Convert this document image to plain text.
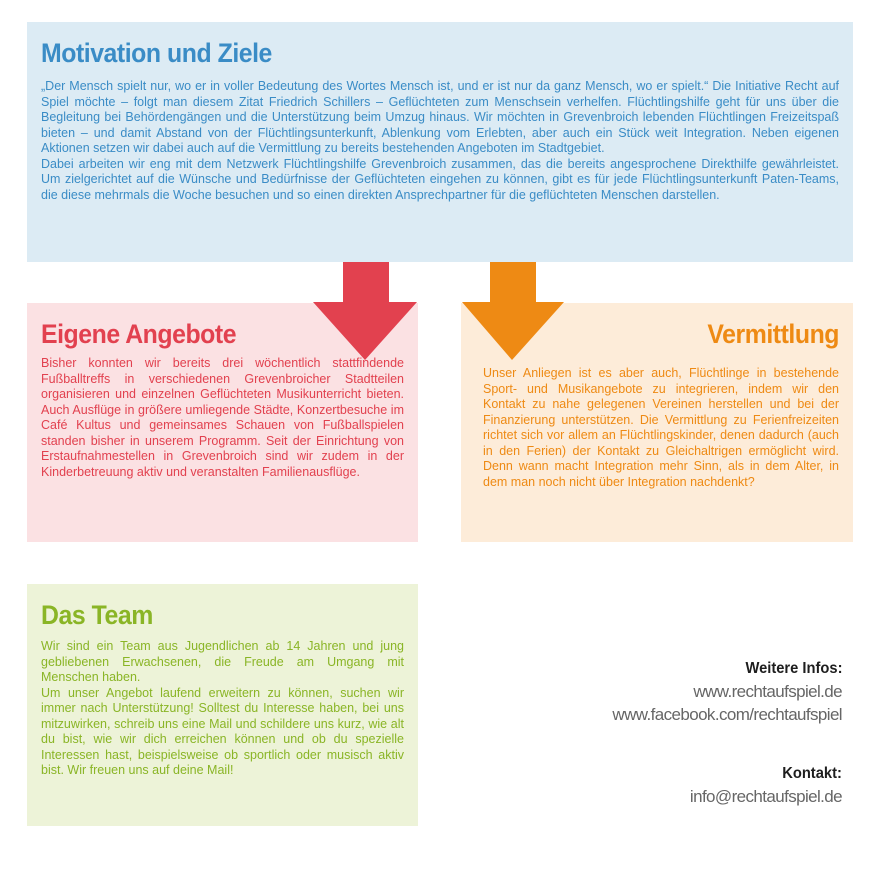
Motivation und Ziele

„Der Mensch spielt nur, wo er in voller Bedeutung des Wortes Mensch ist, und er ist nur da ganz Mensch, wo er spielt.“ Die Initiative Recht auf Spiel möchte – folgt man diesem Zitat Friedrich Schillers – Geflüchteten zum Menschsein verhelfen. Flüchtlingshilfe geht für uns über die Begleitung bei Behördengängen und die Unterstützung beim Umzug hinaus. Wir möchten in Grevenbroich lebenden Flüchtlingen Freizeitspaß bieten – und damit Abstand von der Flüchtlingsunterkunft, Ablenkung vom Erlebten, aber auch ein Stück weit Integration. Neben eigenen Aktionen setzen wir dabei auch auf die Vermittlung zu bereits bestehenden Angeboten im Stadtgebiet.

Dabei arbeiten wir eng mit dem Netzwerk Flüchtlingshilfe Grevenbroich zusammen, das die bereits angesprochene Direkthilfe gewährleistet. Um zielgerichtet auf die Wünsche und Bedürfnisse der Geflüchteten eingehen zu können, gibt es für jede Flüchtlingsunterkunft Paten-Teams, die diese mehrmals die Woche besuchen und so einen direkten Ansprechpartner für die geflüchteten Menschen darstellen.

Eigene Angebote

Bisher konnten wir bereits drei wöchentlich stattfindende Fußballtreffs in verschiedenen Grevenbroicher Stadtteilen organisieren und einzelnen Geflüchteten Musikunterricht bieten. Auch Ausflüge in größere umliegende Städte, Konzertbesuche im Café Kultus und gemeinsames Schauen von Fußballspielen standen bisher in unserem Programm. Seit der Einrichtung von Erstaufnahmestellen in Grevenbroich sind wir zudem in der Kinderbetreuung aktiv und veranstalten Familienausflüge.

Vermittlung

Unser Anliegen ist es aber auch, Flüchtlinge in bestehende Sport- und Musikangebote zu integrieren, indem wir den Kontakt zu nahe gelegenen Vereinen herstellen und bei der Finanzierung unterstützen. Die Vermittlung zu Ferienfreizeiten richtet sich vor allem an Flüchtlingskinder, denen dadurch (auch in den Ferien) der Kontakt zu Gleichaltrigen ermöglicht wird. Denn wann macht Integration mehr Sinn, als in dem Alter, in dem man noch nicht über Integration nachdenkt?

Das Team

Wir sind ein Team aus Jugendlichen ab 14 Jahren und jung gebliebenen Erwachsenen, die Freude am Umgang mit Menschen haben.

Um unser Angebot laufend erweitern zu können, suchen wir immer nach Unterstützung! Solltest du Interesse haben, bei uns mitzuwirken, schreib uns eine Mail und schildere uns kurz, wie alt du bist, wie wir dich erreichen können und ob du spezielle Interessen hast, beispielsweise ob sportlich oder musisch aktiv bist. Wir freuen uns auf deine Mail!

Weitere Infos:
www.rechtaufspiel.de
www.facebook.com/rechtaufspiel
Kontakt:
info@rechtaufspiel.de
